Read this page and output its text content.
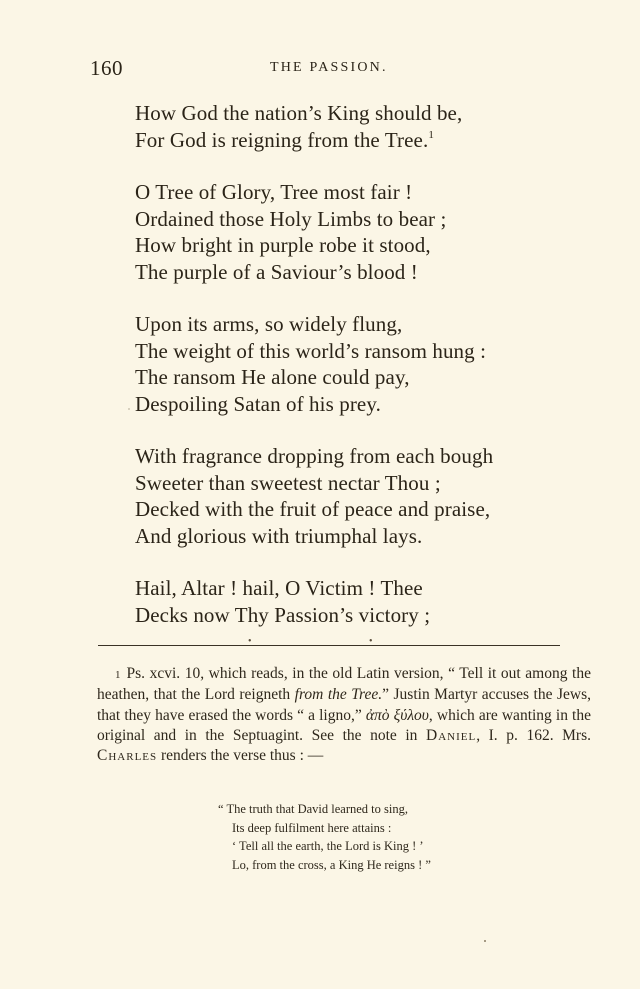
160	THE PASSION.
How God the nation’s King should be,
For God is reigning from the Tree.$^1$
O Tree of Glory, Tree most fair !
Ordained those Holy Limbs to bear ;
How bright in purple robe it stood,
The purple of a Saviour’s blood !
Upon its arms, so widely flung,
The weight of this world’s ransom hung :
The ransom He alone could pay,
Despoiling Satan of his prey.
With fragrance dropping from each bough
Sweeter than sweetest nectar Thou ;
Decked with the fruit of peace and praise,
And glorious with triumphal lays.
Hail, Altar ! hail, O Victim ! Thee
Decks now Thy Passion’s victory ;
•	•
1 Ps. xcvi. 10, which reads, in the old Latin version, “ Tell it out among the heathen, that the Lord reigneth from the Tree.” Justin Martyr accuses the Jews, that they have erased the words “ a ligno,” ἀπὸ ξύλου, which are wanting in the original and in the Septuagint. See the note in Daniel, I. p. 162. Mrs. Charles renders the verse thus : —
“ The truth that David learned to sing,
Its deep fulfilment here attains :
‘ Tell all the earth, the Lord is King ! ’
Lo, from the cross, a King He reigns ! ”
